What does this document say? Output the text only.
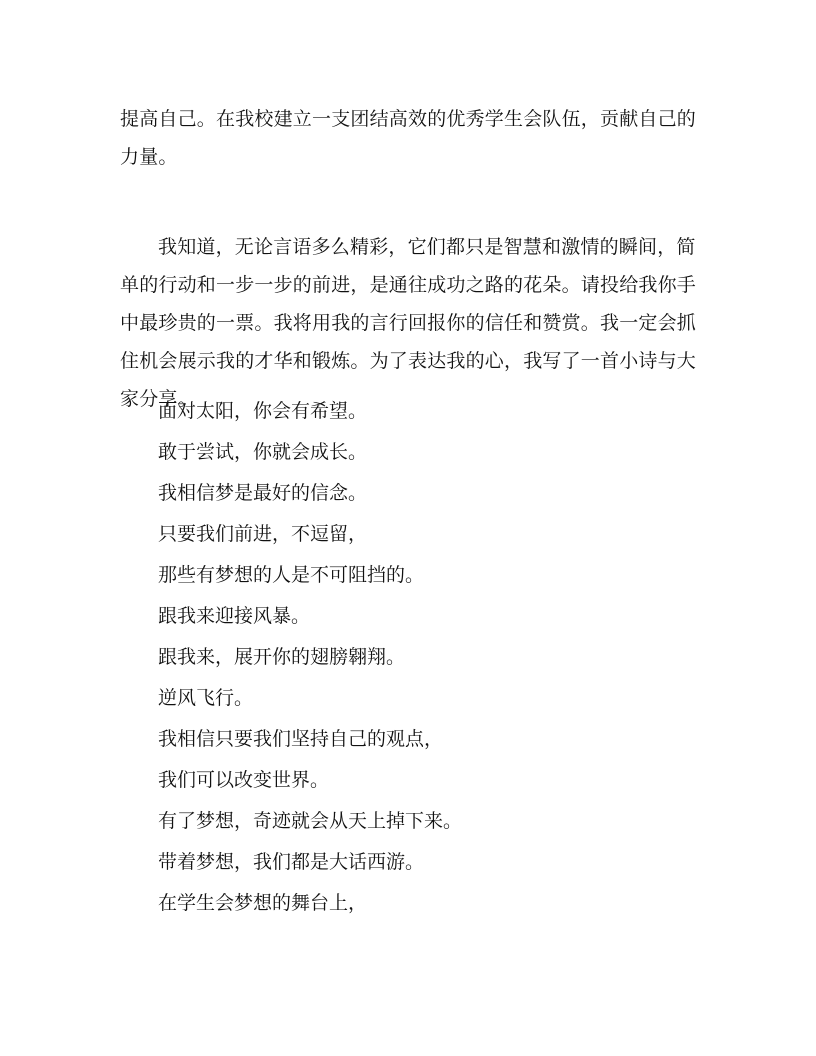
提高自己。在我校建立一支团结高效的优秀学生会队伍，贡献自己的力量。

我知道，无论言语多么精彩，它们都只是智慧和激情的瞬间，简单的行动和一步一步的前进，是通往成功之路的花朵。请投给我你手中最珍贵的一票。我将用我的言行回报你的信任和赞赏。我一定会抓住机会展示我的才华和锻炼。为了表达我的心，我写了一首小诗与大家分享。

面对太阳，你会有希望。

敢于尝试，你就会成长。

我相信梦是最好的信念。

只要我们前进，不逗留，

那些有梦想的人是不可阻挡的。

跟我来迎接风暴。

跟我来，展开你的翅膀翱翔。

逆风飞行。

我相信只要我们坚持自己的观点，

我们可以改变世界。

有了梦想，奇迹就会从天上掉下来。

带着梦想，我们都是大话西游。

在学生会梦想的舞台上，
